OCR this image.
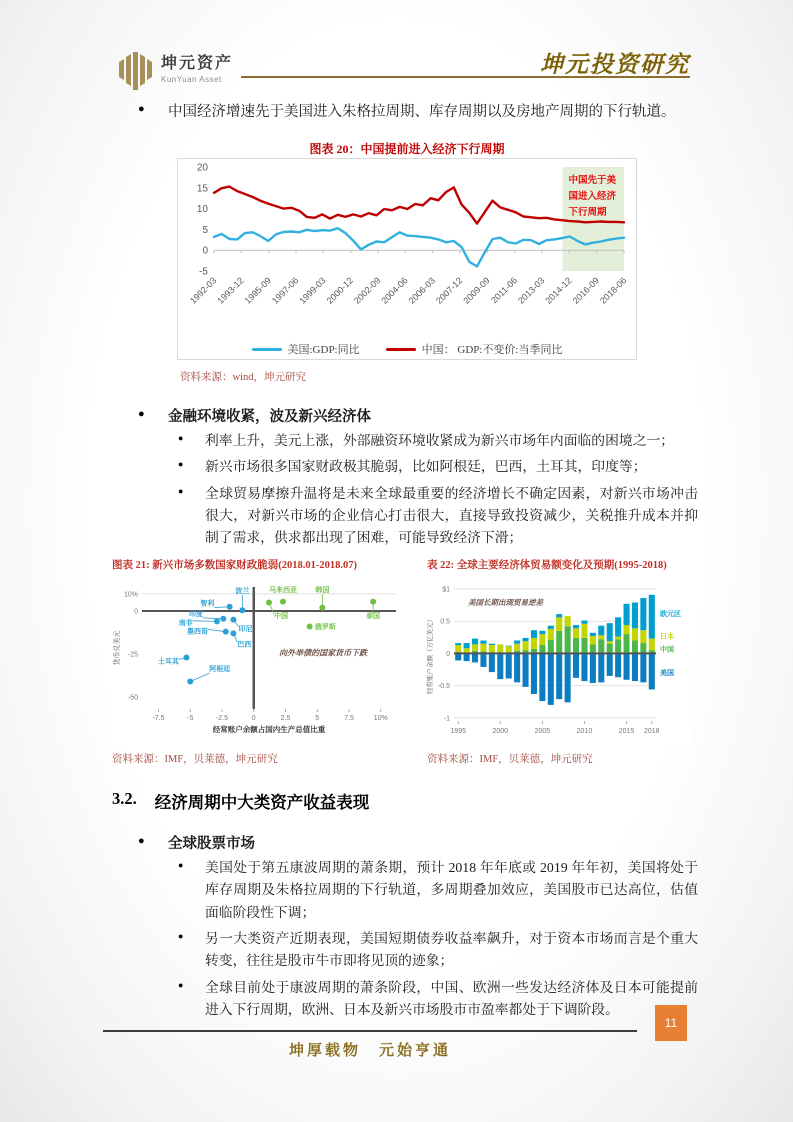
坤元资产
KunYuan Asset
坤元投资研究
●	中国经济增速先于美国进入朱格拉周期、库存周期以及房地产周期的下行轨道。
图表 20：中国提前进入经济下行周期
20
15
10
5
0
-5
1992-03
1993-12
1995-09
1997-06
1999-03
2000-12
2002-09
2004-06
2006-03
2007-12
2009-09
2011-06
2013-03
2014-12
2016-09
2018-06
中国先于美
国进入经济
下行周期
美国:GDP:同比	中国： GDP:不变价:当季同比
资料来源：wind，坤元研究
●	金融环境收紧，波及新兴经济体
●	利率上升，美元上涨，外部融资环境收紧成为新兴市场年内面临的困境之一；
●	新兴市场很多国家财政极其脆弱，比如阿根廷，巴西，土耳其，印度等；
●	全球贸易摩擦升温将是未来全球最重要的经济增长不确定因素，对新兴市场冲击很大，对新兴市场的企业信心打击很大，直接导致投资减少，关税推升成本并抑制了需求，供求都出现了困难，可能导致经济下滑；
图表 21: 新兴市场多数国家财政脆弱(2018.01-2018.07)	表 22: 全球主要经济体贸易额变化及预期(1995-2018)
10%
0
-25
-50
-7.5	-5	-2.5	0	2.5	5	7.5	10%
经常账户余额占国内生产总值比重
货币兑美元	向外举债的国家货币下跌
波兰
智利
印度
南非
印尼
墨西哥
巴西
土耳其
阿根廷
中国
马来西亚	韩国
俄罗斯
泰国
$1
0.5
0
-0.5
-1
1995	2000	2005	2010	2015 2018
欧元区
日本
中国
美国
美国长期出现贸易逆差
经常账户余额（万亿美元）
资料来源：IMF，贝莱德，坤元研究	资料来源：IMF，贝莱德，坤元研究
3.2. 经济周期中大类资产收益表现
●	全球股票市场
●	美国处于第五康波周期的萧条期，预计 2018 年年底或 2019 年年初，美国将处于库存周期及朱格拉周期的下行轨道，多周期叠加效应，美国股市已达高位，估值面临阶段性下调；
●	另一大类资产近期表现，美国短期债券收益率飙升，对于资本市场而言是个重大转变，往往是股市牛市即将见顶的迹象；
●	全球目前处于康波周期的萧条阶段，中国、欧洲一些发达经济体及日本可能提前进入下行周期，欧洲、日本及新兴市场股市市盈率都处于下调阶段。
坤厚载物　元始亨通
11
